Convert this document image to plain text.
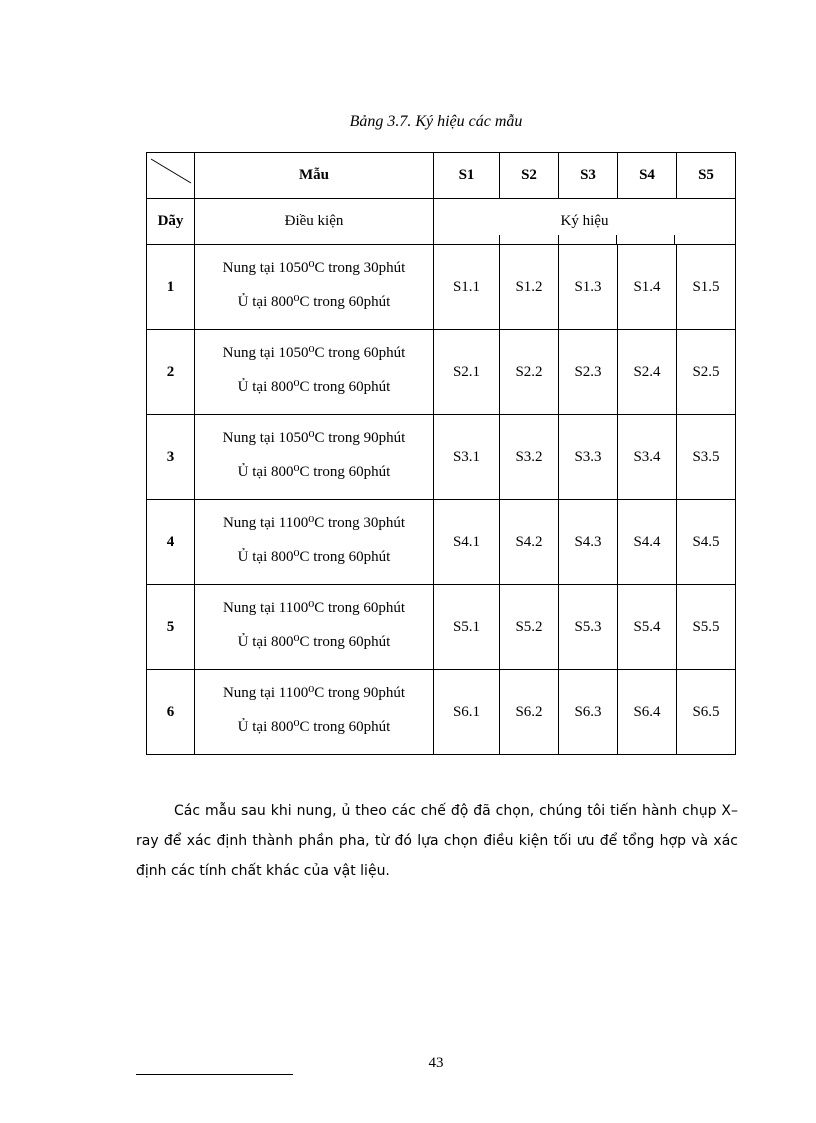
Bảng 3.7. Ký hiệu các mẫu
	Mẫu	S1	S2	S3	S4	S5
Dãy	Điều kiện	Ký hiệu				

1	Nung tại 1050⁰C trong 30phút
Ủ tại 800⁰C trong 60phút	S1.1	S1.2	S1.3	S1.4	S1.5
2	Nung tại 1050⁰C trong 60phút
Ủ tại 800⁰C trong 60phút	S2.1	S2.2	S2.3	S2.4	S2.5
3	Nung tại 1050⁰C trong 90phút
Ủ tại 800⁰C trong 60phút	S3.1	S3.2	S3.3	S3.4	S3.5
4	Nung tại 1100⁰C trong 30phút
Ủ tại 800⁰C trong 60phút	S4.1	S4.2	S4.3	S4.4	S4.5
5	Nung tại 1100⁰C trong 60phút
Ủ tại 800⁰C trong 60phút	S5.1	S5.2	S5.3	S5.4	S5.5
6	Nung tại 1100⁰C trong 90phút
Ủ tại 800⁰C trong 60phút	S6.1	S6.2	S6.3	S6.4	S6.5

Các mẫu sau khi nung, ủ theo các chế độ đã chọn, chúng tôi tiến hành chụp X–ray để xác định thành phần pha, từ đó lựa chọn điều kiện tối ưu để tổng hợp và xác định các tính chất khác của vật liệu.

43
